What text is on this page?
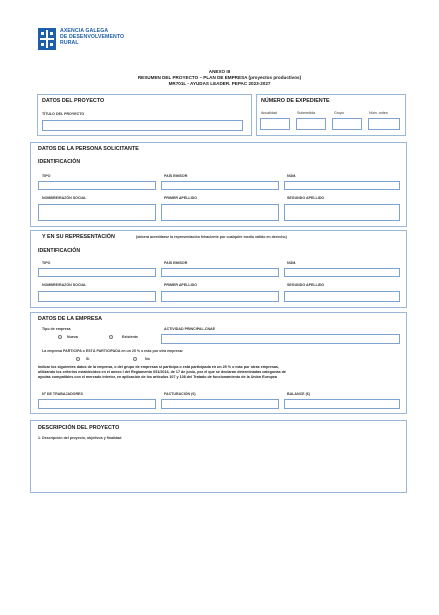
AXENCIA GALEGA
DE DESENVOLVEMENTO
RURAL
ANEXO III
RESUMEN DEL PROYECTO – PLAN DE EMPRESA (proyectos productivos)
MR701L - AYUDAS LEADER. PEPAC 2023-2027
DATOS DEL PROYECTO
TÍTULO DEL PROYECTO
NÚMERO DE EXPEDIENTE
Anualidad	Submedida	Grupo	Núm. orden
DATOS DE LA PERSONA SOLICITANTE
IDENTIFICACIÓN
TIPO	PAÍS EMISOR	NÚM.
NOMBRE/RAZÓN SOCIAL	PRIMER APELLIDO	SEGUNDO APELLIDO
Y EN SU REPRESENTACIÓN	(deberá acreditarse la representación fehaciente por cualquier medio válido en derecho)
IDENTIFICACIÓN
TIPO	PAÍS EMISOR	NÚM.
NOMBRE/RAZÓN SOCIAL	PRIMER APELLIDO	SEGUNDO APELLIDO
DATOS DE LA EMPRESA
Tipo de empresa
Nueva	Existente
ACTIVIDAD PRINCIPAL-CNAE
La empresa PARTICIPA o ESTÁ PARTICIPADA en un 25 % o más por otra empresa:
Sí	No
Indicar los siguientes datos de la empresa, o del grupo de empresas si participa o está participada en un 25 % o más por otras empresas,
utilizando los criterios establecidos en el anexo I del Reglamento 651/2014, de 17 de junio, por el que se declaran determinadas categorías de
ayudas compatibles con el mercado interior, en aplicación de los artículos 107 y 108 del Tratado de funcionamiento de la Unión Europea
Nº DE TRABAJADORES	FACTURACIÓN (€)	BALANCE (€)
DESCRIPCIÓN DEL PROYECTO
1. Descripción del proyecto, objetivos y finalidad
